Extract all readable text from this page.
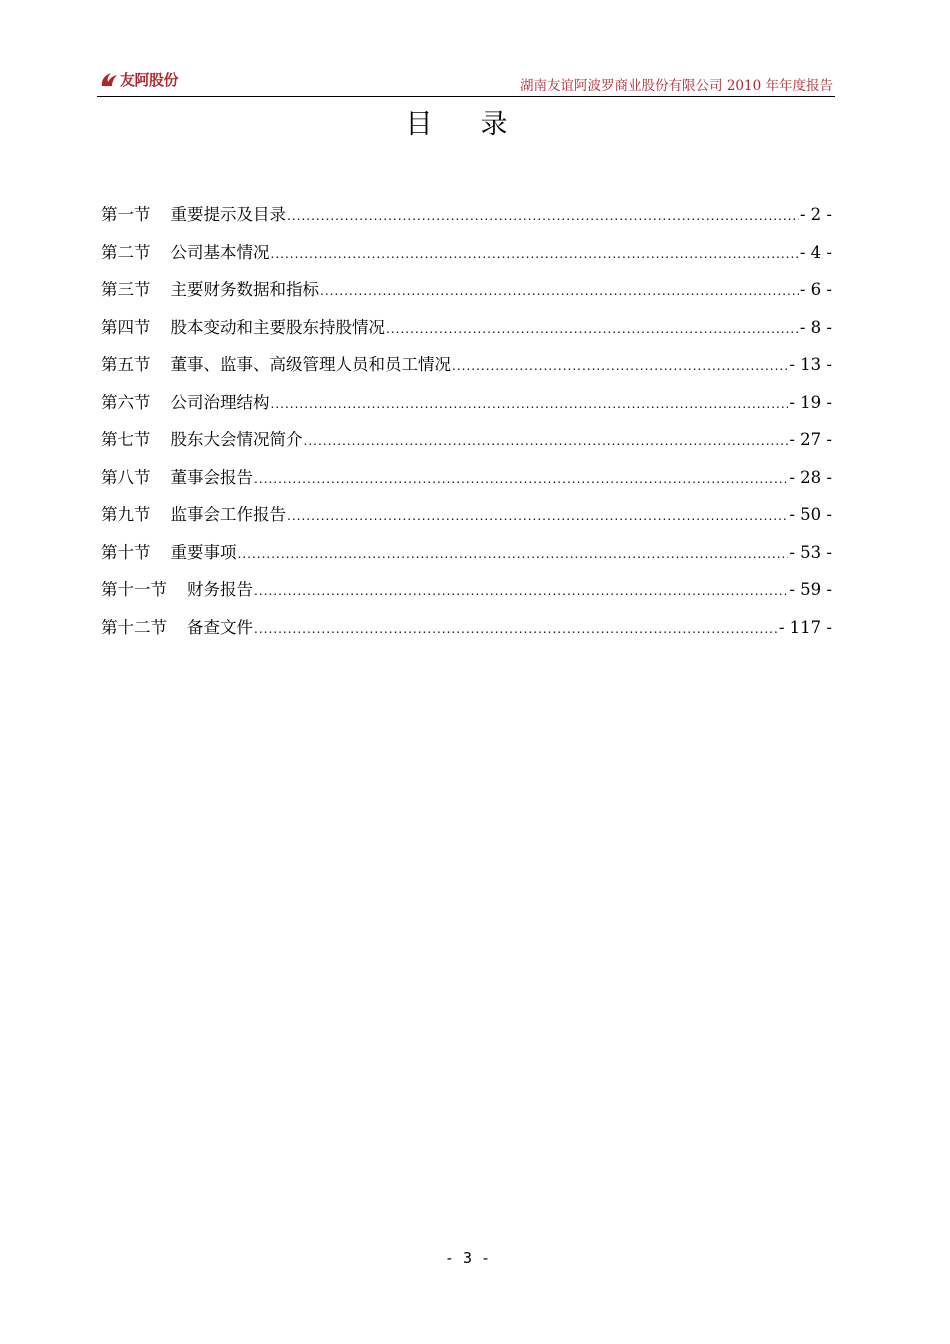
友阿股份	湖南友谊阿波罗商业股份有限公司 2010 年年度报告
目录
第一节 重要提示及目录 .....	- 2 -
第二节 公司基本情况 .....	- 4 -
第三节 主要财务数据和指标 .....	- 6 -
第四节 股本变动和主要股东持股情况 .....	- 8 -
第五节 董事、监事、高级管理人员和员工情况 .....	- 13 -
第六节 公司治理结构 .....	- 19 -
第七节 股东大会情况简介 .....	- 27 -
第八节 董事会报告 .....	- 28 -
第九节 监事会工作报告 .....	- 50 -
第十节 重要事项 .....	- 53 -
第十一节 财务报告 .....	- 59 -
第十二节 备查文件 .....	- 117 -
- 3 -
